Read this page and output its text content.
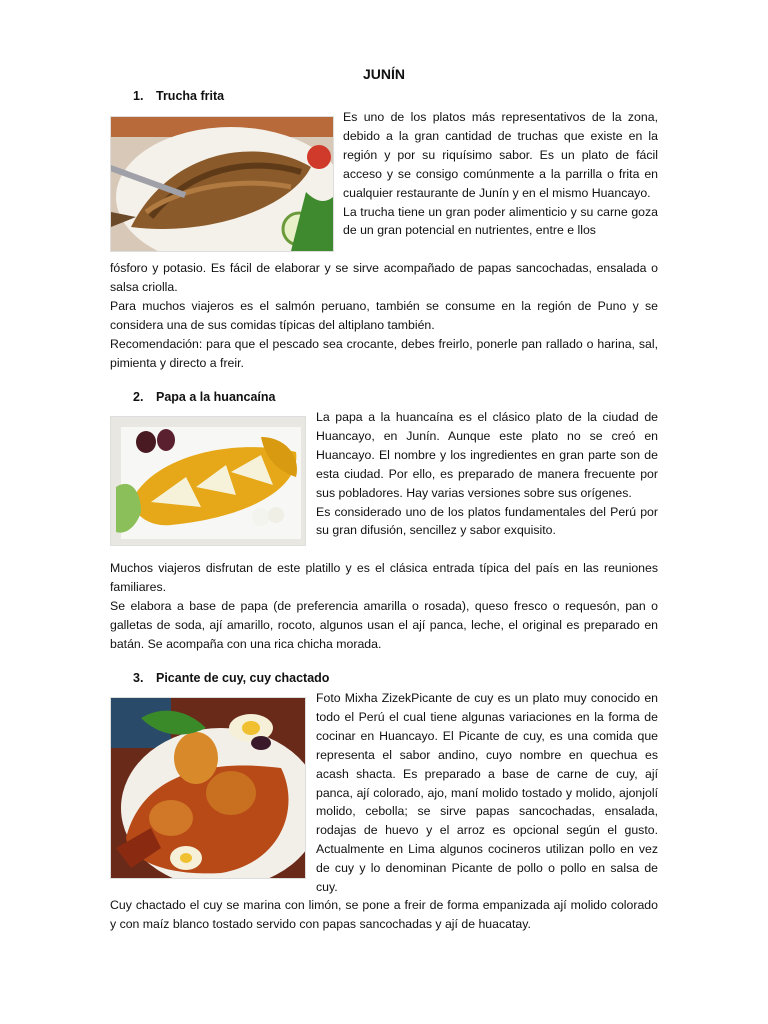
JUNÍN
1. Trucha frita

Es uno de los platos más representativos de la zona, debido a la gran cantidad de truchas que existe en la región y por su riquísimo sabor. Es un plato de fácil acceso y se consigo comúnmente a la parrilla o frita en cualquier restaurante de Junín y en el mismo Huancayo.

La trucha tiene un gran poder alimenticio y su carne goza de un gran potencial en nutrientes, entre e llos

fósforo y potasio. Es fácil de elaborar y se sirve acompañado de papas sancochadas, ensalada o salsa criolla.

Para muchos viajeros es el salmón peruano, también se consume en la región de Puno y se considera una de sus comidas típicas del altiplano también.

Recomendación: para que el pescado sea crocante, debes freirlo, ponerle pan rallado o harina, sal, pimienta y directo a freir.

2. Papa a la huancaína

La papa a la huancaína es el clásico plato de la ciudad de Huancayo, en Junín. Aunque este plato no se creó en Huancayo. El nombre y los ingredientes en gran parte son de esta ciudad. Por ello, es preparado de manera frecuente por sus pobladores. Hay varias versiones sobre sus orígenes.

Es considerado uno de los platos fundamentales del Perú por su gran difusión, sencillez y sabor exquisito.

Muchos viajeros disfrutan de este platillo y es el clásica entrada típica del país en las reuniones familiares.

Se elabora a base de papa (de preferencia amarilla o rosada), queso fresco o requesón, pan o galletas de soda, ají amarillo, rocoto, algunos usan el ají panca, leche, el original es preparado en batán. Se acompaña con una rica chicha morada.

3. Picante de cuy, cuy chactado

Foto Mixha ZizekPicante de cuy es un plato muy conocido en todo el Perú el cual tiene algunas variaciones en la forma de cocinar en Huancayo. El Picante de cuy, es una comida que representa el sabor andino, cuyo nombre en quechua es acash shacta. Es preparado a base de carne de cuy, ají panca, ají colorado, ajo, maní molido tostado y molido, ajonjolí molido, cebolla; se sirve papas sancochadas, ensalada, rodajas de huevo y el arroz es opcional según el gusto. Actualmente en Lima algunos cocineros utilizan pollo en vez de cuy y lo denominan Picante de pollo o pollo en salsa de cuy.

Cuy chactado el cuy se marina con limón, se pone a freir de forma empanizada ají molido colorado y con maíz blanco tostado servido con papas sancochadas y ají de huacatay.
